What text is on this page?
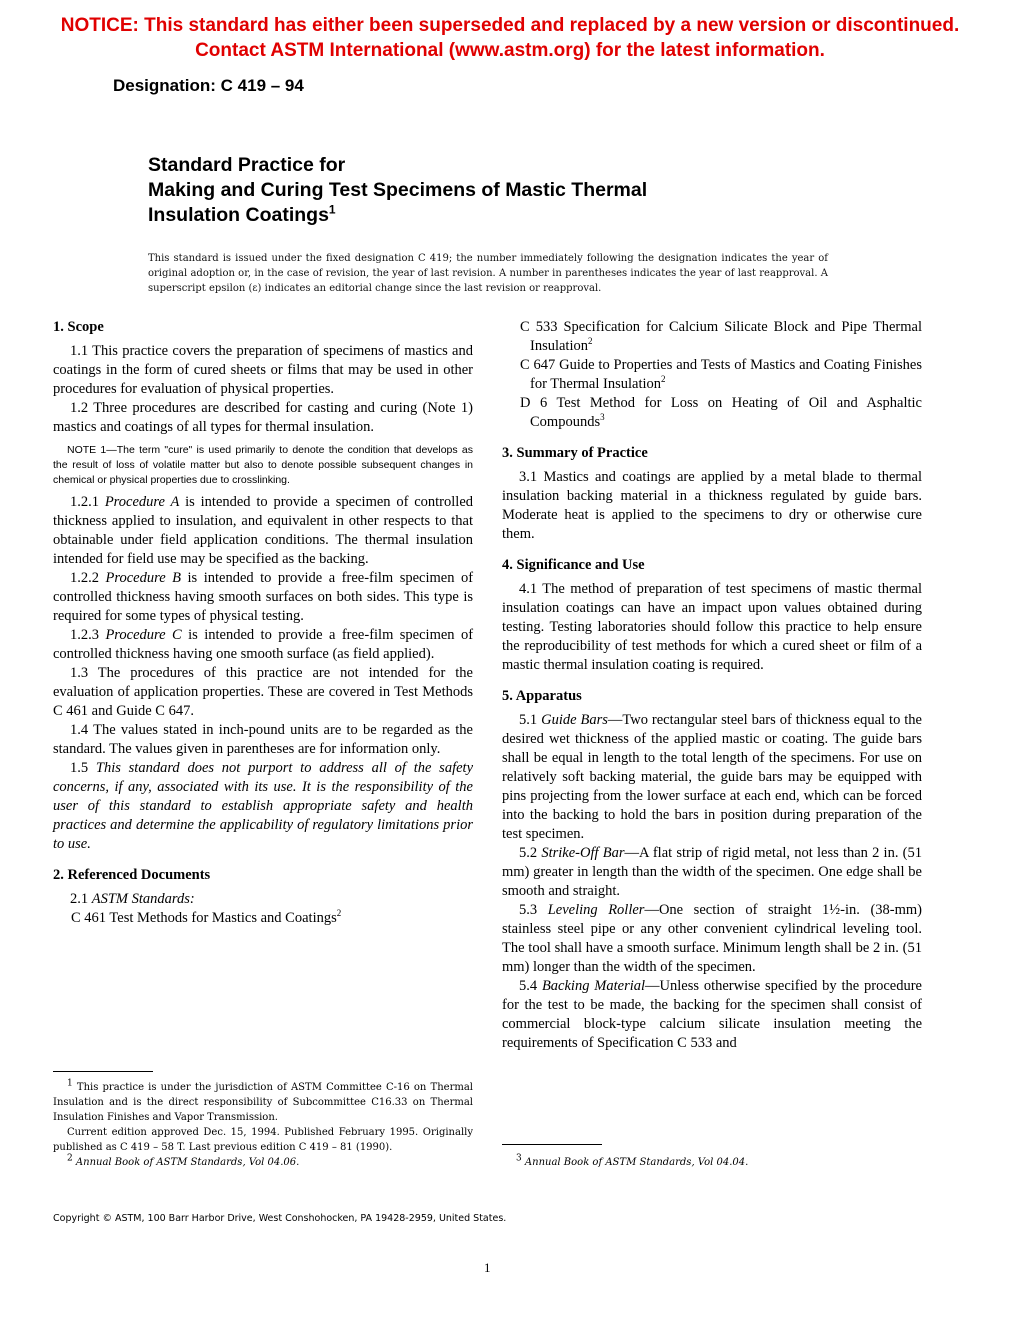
NOTICE: This standard has either been superseded and replaced by a new version or discontinued.
Contact ASTM International (www.astm.org) for the latest information.
Designation: C 419 – 94
Standard Practice for
Making and Curing Test Specimens of Mastic Thermal
Insulation Coatings$^1$
This standard is issued under the fixed designation C 419; the number immediately following the designation indicates the year of original adoption or, in the case of revision, the year of last revision. A number in parentheses indicates the year of last reapproval. A superscript epsilon (ε) indicates an editorial change since the last revision or reapproval.

1. Scope

1.1 This practice covers the preparation of specimens of mastics and coatings in the form of cured sheets or films that may be used in other procedures for evaluation of physical properties.

1.2 Three procedures are described for casting and curing (Note 1) mastics and coatings of all types for thermal insulation.

NOTE 1—The term "cure" is used primarily to denote the condition that develops as the result of loss of volatile matter but also to denote possible subsequent changes in chemical or physical properties due to crosslinking.

1.2.1 Procedure A is intended to provide a specimen of controlled thickness applied to insulation, and equivalent in other respects to that obtainable under field application conditions. The thermal insulation intended for field use may be specified as the backing.

1.2.2 Procedure B is intended to provide a free-film specimen of controlled thickness having smooth surfaces on both sides. This type is required for some types of physical testing.

1.2.3 Procedure C is intended to provide a free-film specimen of controlled thickness having one smooth surface (as field applied).

1.3 The procedures of this practice are not intended for the evaluation of application properties. These are covered in Test Methods C 461 and Guide C 647.

1.4 The values stated in inch-pound units are to be regarded as the standard. The values given in parentheses are for information only.

1.5 This standard does not purport to address all of the safety concerns, if any, associated with its use. It is the responsibility of the user of this standard to establish appropriate safety and health practices and determine the applicability of regulatory limitations prior to use.

2. Referenced Documents

2.1 ASTM Standards:

C 461 Test Methods for Mastics and Coatings$^2$

C 533 Specification for Calcium Silicate Block and Pipe Thermal Insulation$^2$

C 647 Guide to Properties and Tests of Mastics and Coating Finishes for Thermal Insulation$^2$

D 6 Test Method for Loss on Heating of Oil and Asphaltic Compounds$^3$

3. Summary of Practice

3.1 Mastics and coatings are applied by a metal blade to thermal insulation backing material in a thickness regulated by guide bars. Moderate heat is applied to the specimens to dry or otherwise cure them.

4. Significance and Use

4.1 The method of preparation of test specimens of mastic thermal insulation coatings can have an impact upon values obtained during testing. Testing laboratories should follow this practice to help ensure the reproducibility of test methods for which a cured sheet or film of a mastic thermal insulation coating is required.

5. Apparatus

5.1 Guide Bars—Two rectangular steel bars of thickness equal to the desired wet thickness of the applied mastic or coating. The guide bars shall be equal in length to the total length of the specimens. For use on relatively soft backing material, the guide bars may be equipped with pins projecting from the lower surface at each end, which can be forced into the backing to hold the bars in position during preparation of the test specimen.

5.2 Strike-Off Bar—A flat strip of rigid metal, not less than 2 in. (51 mm) greater in length than the width of the specimen. One edge shall be smooth and straight.

5.3 Leveling Roller—One section of straight 1½-in. (38-mm) stainless steel pipe or any other convenient cylindrical leveling tool. The tool shall have a smooth surface. Minimum length shall be 2 in. (51 mm) longer than the width of the specimen.

5.4 Backing Material—Unless otherwise specified by the procedure for the test to be made, the backing for the specimen shall consist of commercial block-type calcium silicate insulation meeting the requirements of Specification C 533 and

$^1$ This practice is under the jurisdiction of ASTM Committee C-16 on Thermal Insulation and is the direct responsibility of Subcommittee C16.33 on Thermal Insulation Finishes and Vapor Transmission.

Current edition approved Dec. 15, 1994. Published February 1995. Originally published as C 419 – 58 T. Last previous edition C 419 – 81 (1990).

$^2$ Annual Book of ASTM Standards, Vol 04.06.	$^3$ Annual Book of ASTM Standards, Vol 04.04.

Copyright © ASTM, 100 Barr Harbor Drive, West Conshohocken, PA 19428-2959, United States.
1
